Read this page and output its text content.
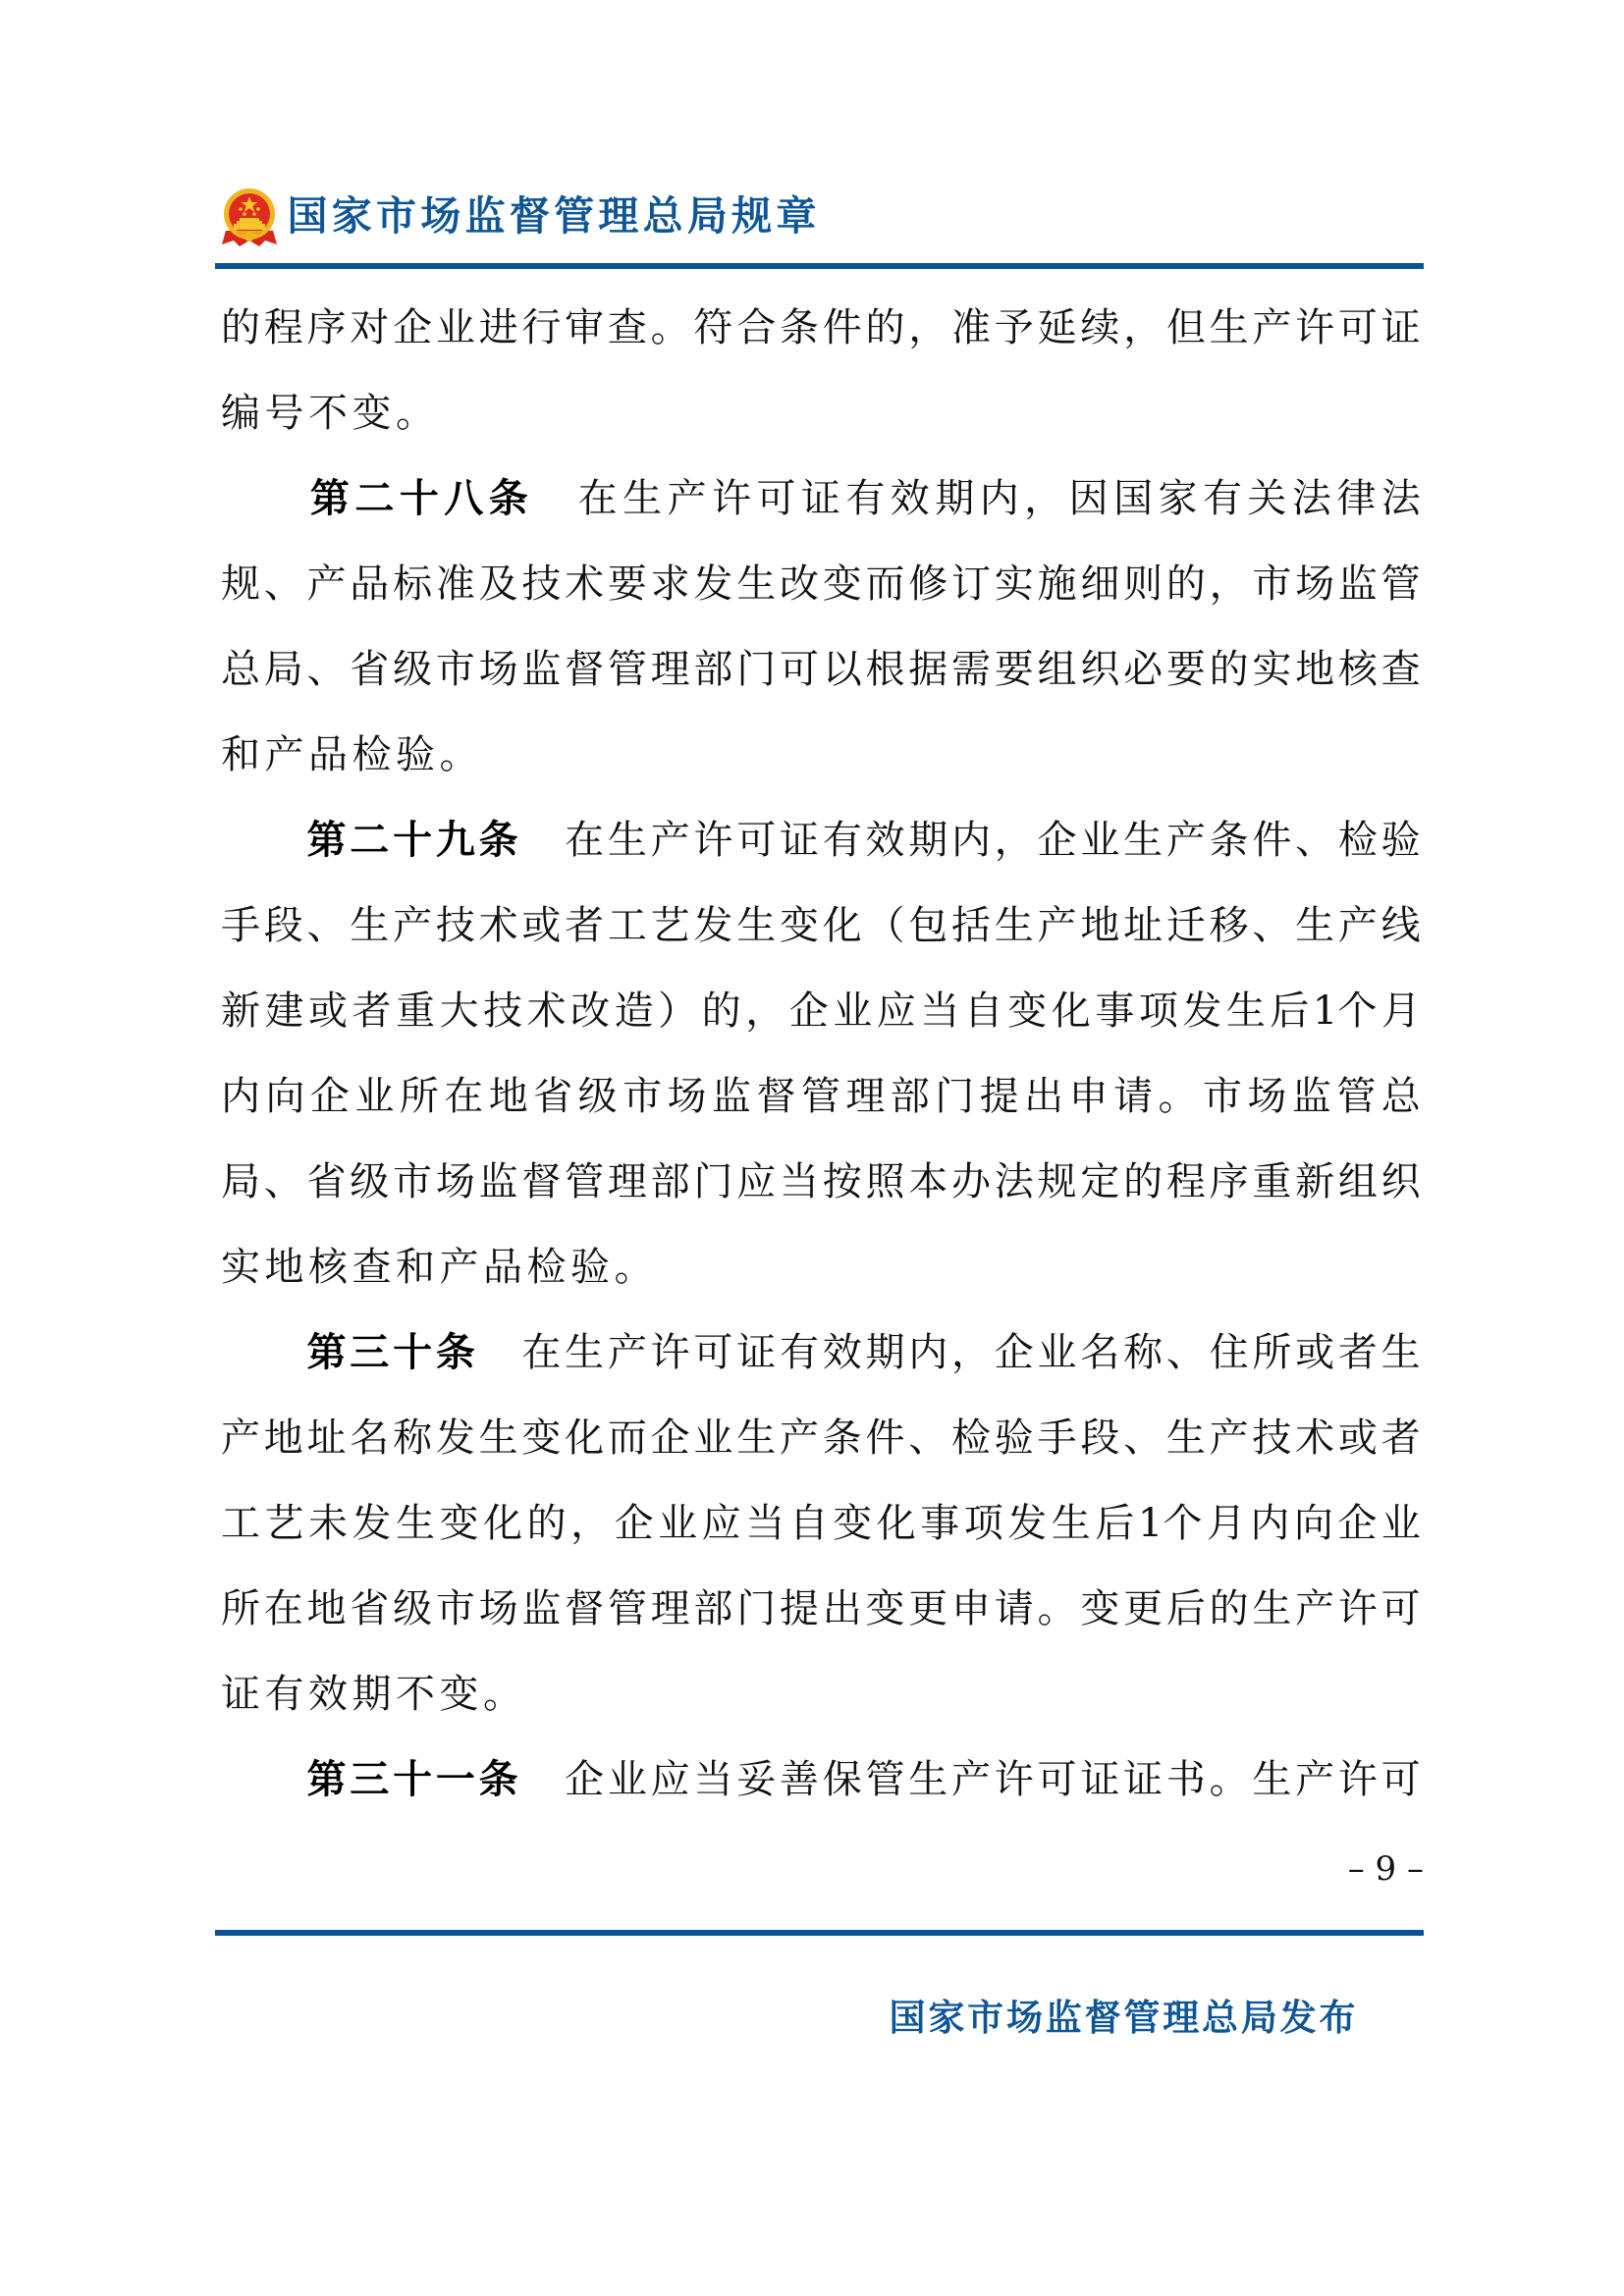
国 家 市 场 监 督 管 理 总 局 规 章
的 程 序 对 企 业 进 行 审 查 。 符 合 条 件 的 ， 准 予 延 续 ， 但 生 产 许 可 证
编 号 不 变 。

第 二 十 八 条
　 在 生 产 许 可 证 有 效 期 内 ， 因 国 家 有 关 法 律 法
规 、 产 品 标 准 及 技 术 要 求 发 生 改 变 而 修 订 实 施 细 则 的 ， 市 场 监 管
总 局 、 省 级 市 场 监 督 管 理 部 门 可 以 根 据 需 要 组 织 必 要 的 实 地 核 查
和 产 品 检 验 。

第 二 十 九 条
　 在 生 产 许 可 证 有 效 期 内 ， 企 业 生 产 条 件 、 检 验
手 段 、 生 产 技 术 或 者 工 艺 发 生 变 化 （ 包 括 生 产 地 址 迁 移 、 生 产 线
新 建 或 者 重 大 技 术 改 造 ） 的 ， 企 业 应 当 自 变 化 事 项 发 生 后 1 个 月
内 向 企 业 所 在 地 省 级 市 场 监 督 管 理 部 门 提 出 申 请 。 市 场 监 管 总
局 、 省 级 市 场 监 督 管 理 部 门 应 当 按 照 本 办 法 规 定 的 程 序 重 新 组 织
实 地 核 查 和 产 品 检 验 。

第 三 十 条
　 在 生 产 许 可 证 有 效 期 内 ， 企 业 名 称 、 住 所 或 者 生
产 地 址 名 称 发 生 变 化 而 企 业 生 产 条 件 、 检 验 手 段 、 生 产 技 术 或 者
工 艺 未 发 生 变 化 的 ， 企 业 应 当 自 变 化 事 项 发 生 后 1 个 月 内 向 企 业
所 在 地 省 级 市 场 监 督 管 理 部 门 提 出 变 更 申 请 。 变 更 后 的 生 产 许 可
证 有 效 期 不 变 。

第 三 十 一 条
　 企 业 应 当 妥 善 保 管 生 产 许 可 证 证 书 。 生 产 许 可
– 9 –
国 家 市 场 监 督 管 理 总 局 发 布
